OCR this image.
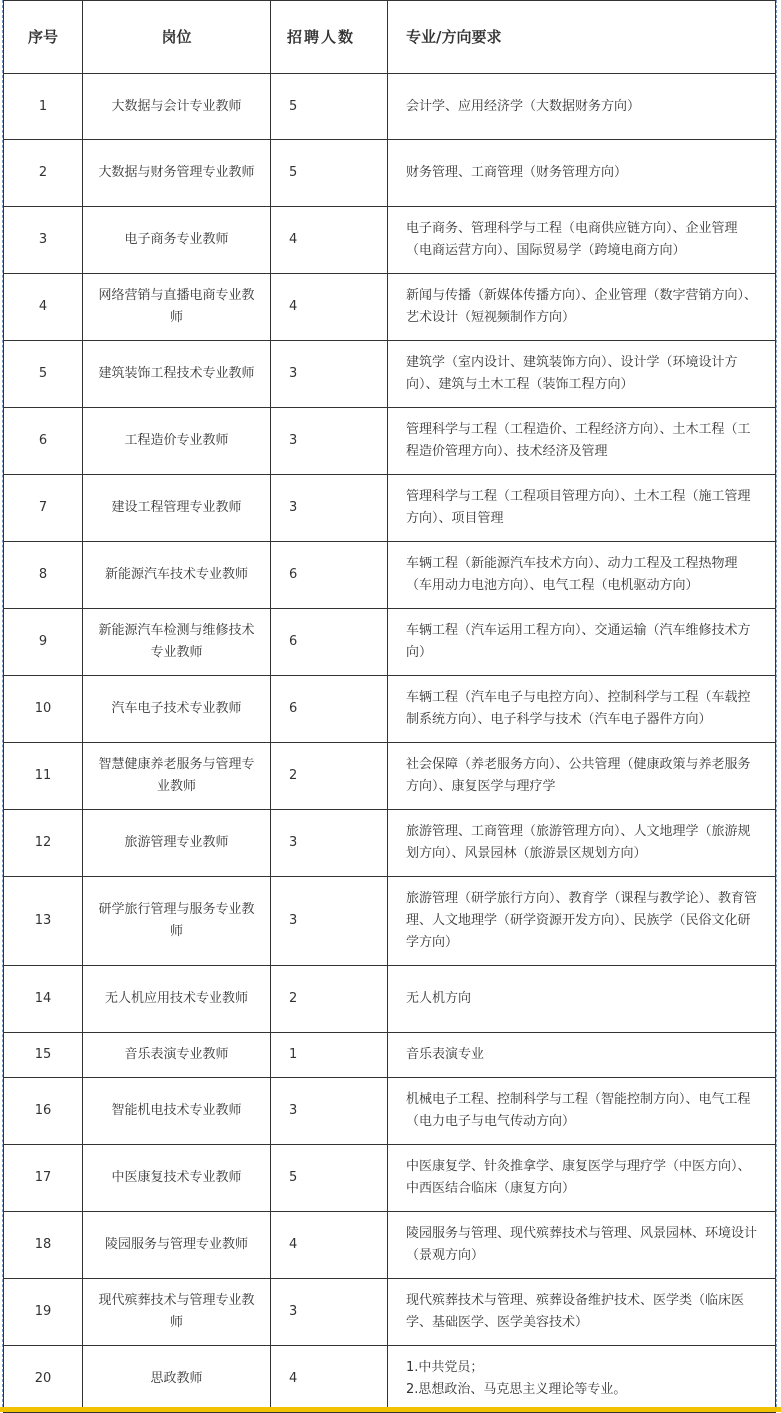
序号	岗位	招聘人数	专业/方向要求
1	大数据与会计专业教师	5	会计学、应用经济学（大数据财务方向）
2	大数据与财务管理专业教师	5	财务管理、工商管理（财务管理方向）
3	电子商务专业教师	4	电子商务、管理科学与工程（电商供应链方向）、企业管理（电商运营方向）、国际贸易学（跨境电商方向）
4	网络营销与直播电商专业教师	4	新闻与传播（新媒体传播方向）、企业管理（数字营销方向）、艺术设计（短视频制作方向）
5	建筑装饰工程技术专业教师	3	建筑学（室内设计、建筑装饰方向）、设计学（环境设计方向）、建筑与土木工程（装饰工程方向）
6	工程造价专业教师	3	管理科学与工程（工程造价、工程经济方向）、土木工程（工程造价管理方向）、技术经济及管理
7	建设工程管理专业教师	3	管理科学与工程（工程项目管理方向）、土木工程（施工管理方向）、项目管理
8	新能源汽车技术专业教师	6	车辆工程（新能源汽车技术方向）、动力工程及工程热物理（车用动力电池方向）、电气工程（电机驱动方向）
9	新能源汽车检测与维修技术专业教师	6	车辆工程（汽车运用工程方向）、交通运输（汽车维修技术方向）
10	汽车电子技术专业教师	6	车辆工程（汽车电子与电控方向）、控制科学与工程（车载控制系统方向）、电子科学与技术（汽车电子器件方向）
11	智慧健康养老服务与管理专业教师	2	社会保障（养老服务方向）、公共管理（健康政策与养老服务方向）、康复医学与理疗学
12	旅游管理专业教师	3	旅游管理、工商管理（旅游管理方向）、人文地理学（旅游规划方向）、风景园林（旅游景区规划方向）
13	研学旅行管理与服务专业教师	3	旅游管理（研学旅行方向）、教育学（课程与教学论）、教育管理、人文地理学（研学资源开发方向）、民族学（民俗文化研学方向）
14	无人机应用技术专业教师	2	无人机方向
15	音乐表演专业教师	1	音乐表演专业
16	智能机电技术专业教师	3	机械电子工程、控制科学与工程（智能控制方向）、电气工程（电力电子与电气传动方向）
17	中医康复技术专业教师	5	中医康复学、针灸推拿学、康复医学与理疗学（中医方向）、中西医结合临床（康复方向）
18	陵园服务与管理专业教师	4	陵园服务与管理、现代殡葬技术与管理、风景园林、环境设计（景观方向）
19	现代殡葬技术与管理专业教师	3	现代殡葬技术与管理、殡葬设备维护技术、医学类（临床医学、基础医学、医学美容技术）
20	思政教师	4	1.中共党员；
2.思想政治、马克思主义理论等专业。
